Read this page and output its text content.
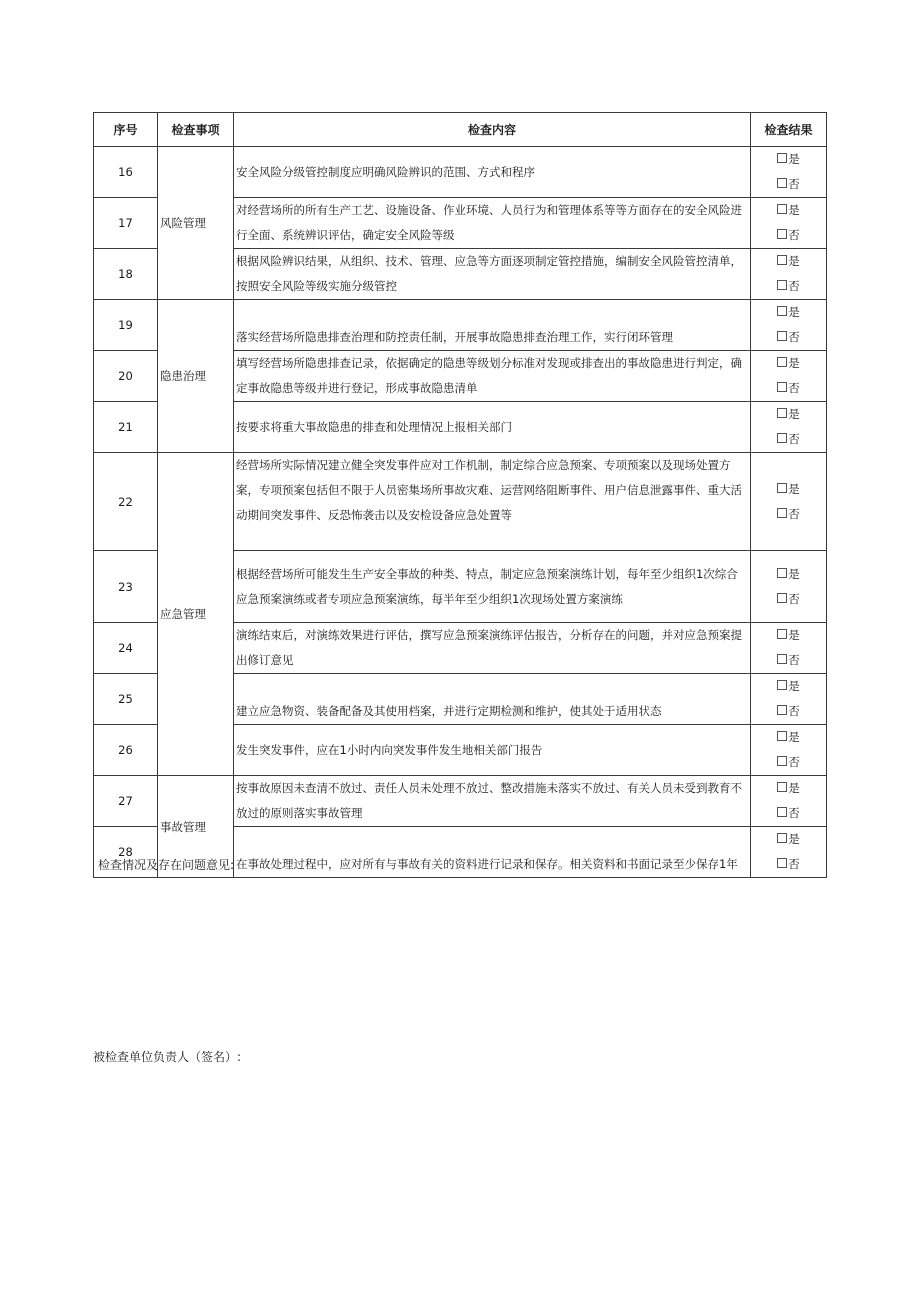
序号	检查事项	检查内容	检查结果
16	风险管理	安全风险分级管控制度应明确风险辨识的范围、方式和程序	是
否

17		对经营场所的所有生产工艺、设施设备、作业环境、人员行为和管理体系等等方面存在的安全风险进行全面、系统辨识评估，确定安全风险等级	是
否

18		根据风险辨识结果，从组织、技术、管理、应急等方面逐项制定管控措施，编制安全风险管控清单，按照安全风险等级实施分级管控	是
否

19	隐患治理	落实经营场所隐患排查治理和防控责任制，开展事故隐患排查治理工作，实行闭环管理	是
否

20		填写经营场所隐患排查记录，依据确定的隐患等级划分标准对发现或排查出的事故隐患进行判定，确定事故隐患等级并进行登记，形成事故隐患清单	是
否

21		按要求将重大事故隐患的排查和处理情况上报相关部门	是
否

22	应急管理	经营场所实际情况建立健全突发事件应对工作机制，制定综合应急预案、专项预案以及现场处置方案，专项预案包括但不限于人员密集场所事故灾难、运营网络阻断事件、用户信息泄露事件、重大活动期间突发事件、反恐怖袭击以及安检设备应急处置等	是
否

23		根据经营场所可能发生生产安全事故的种类、特点，制定应急预案演练计划，每年至少组织1次综合应急预案演练或者专项应急预案演练，每半年至少组织1次现场处置方案演练	是
否

24		演练结束后，对演练效果进行评估，撰写应急预案演练评估报告，分析存在的问题，并对应急预案提出修订意见	是
否

25		建立应急物资、装备配备及其使用档案，并进行定期检测和维护，使其处于适用状态	是
否

26		发生突发事件，应在1小时内向突发事件发生地相关部门报告	是
否

27	事故管理	按事故原因未查清不放过、责任人员未处理不放过、整改措施未落实不放过、有关人员未受到教育不放过的原则落实事故管理	是
否

28		在事故处理过程中，应对所有与事故有关的资料进行记录和保存。相关资料和书面记录至少保存1年	是
否
检查情况及存在问题意见:
被检查单位负责人（签名）:
